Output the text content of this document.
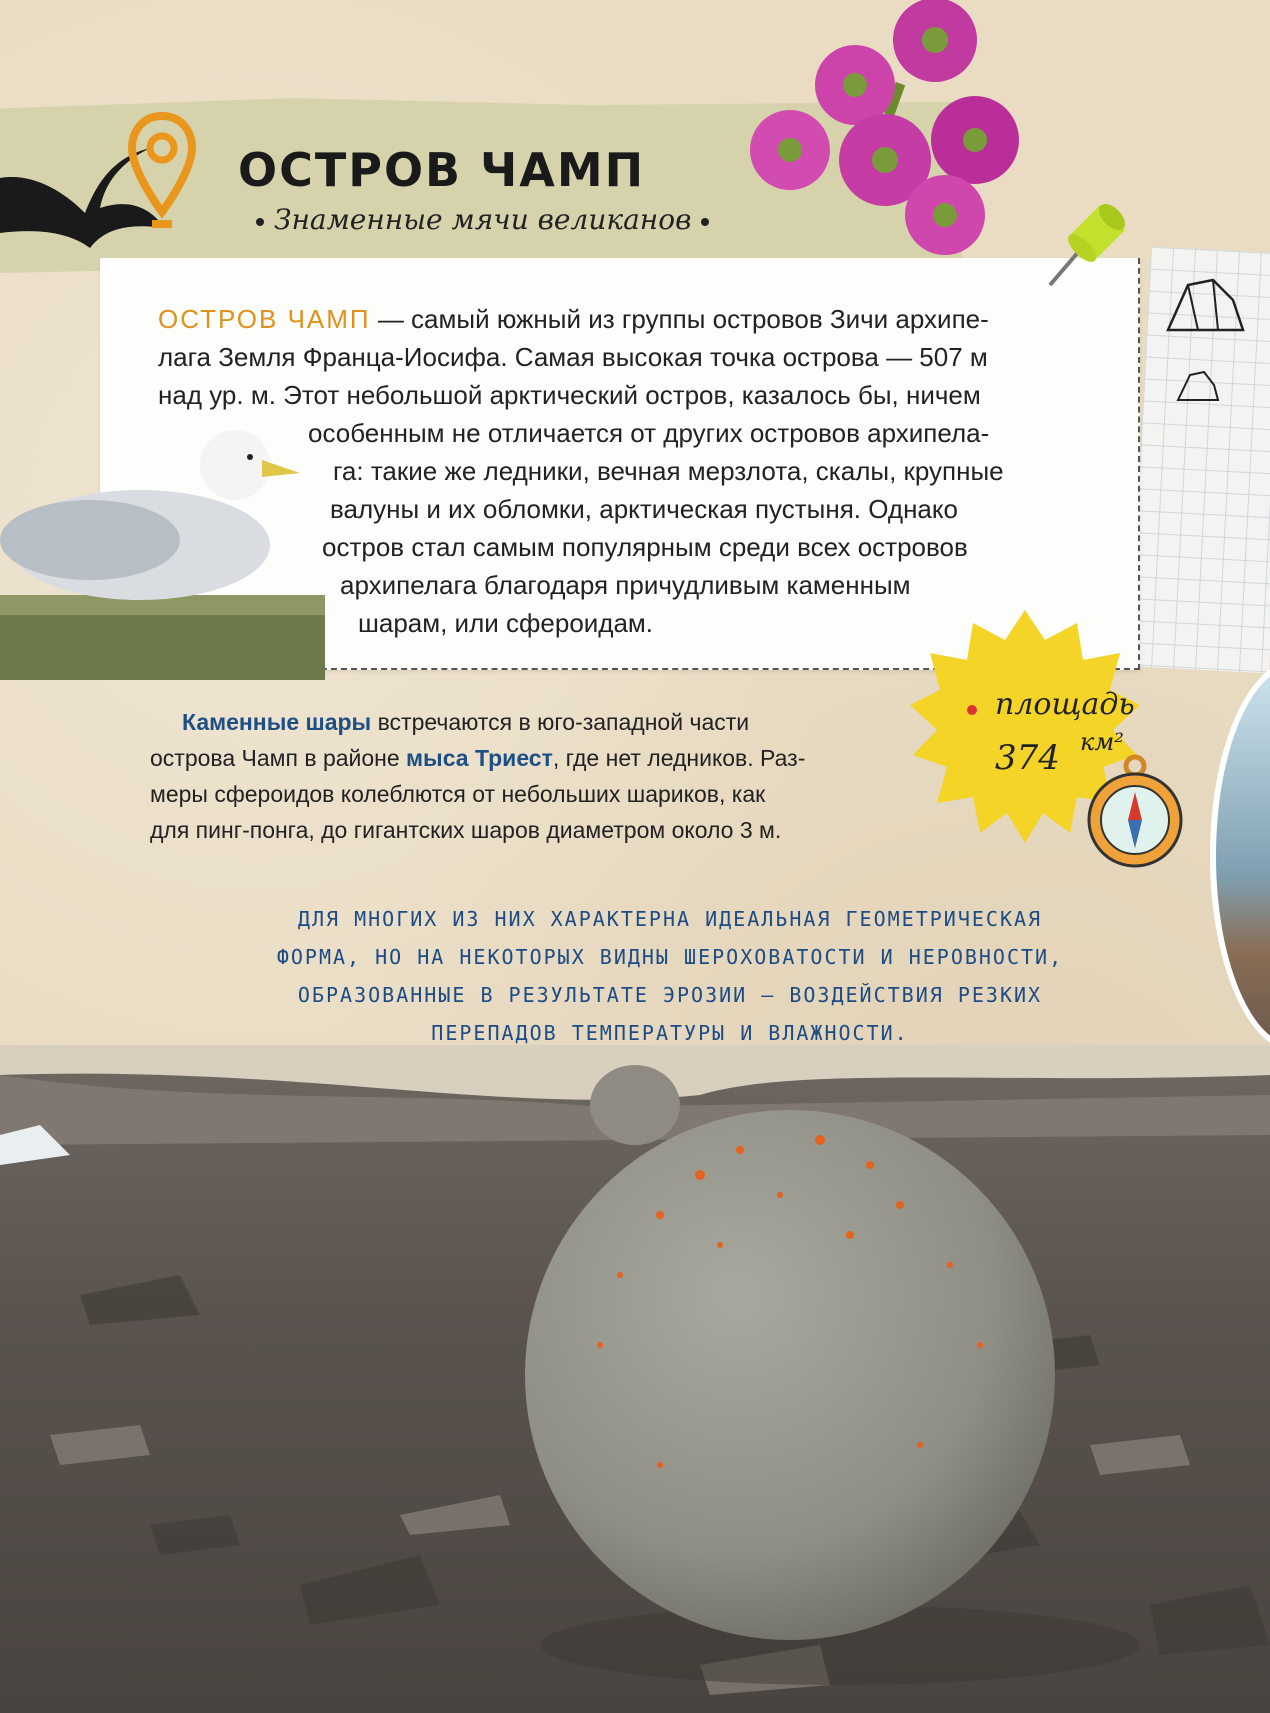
ОСТРОВ ЧАМП
Знаменные мячи великанов

ОСТРОВ ЧАМП — самый южный из группы островов Зичи архипе-
лага Земля Франца-Иосифа. Самая высокая точка острова — 507 м
над ур. м. Этот небольшой арктический остров, казалось бы, ничем
особенным не отличается от других островов архипела-
га: такие же ледники, вечная мерзлота, скалы, крупные
валуны и их обломки, арктическая пустыня. Однако
остров стал самым популярным среди всех островов
архипелага благодаря причудливым каменным
шарам, или сфероидам.

площадь
374 км²

Каменные шары встречаются в юго-западной части
острова Чамп в районе мыса Триест, где нет ледников. Раз-
меры сфероидов колеблются от небольших шариков, как
для пинг-понга, до гигантских шаров диаметром около 3 м.

ДЛЯ МНОГИХ ИЗ НИХ ХАРАКТЕРНА ИДЕАЛЬНАЯ ГЕОМЕТРИЧЕСКАЯ
ФОРМА, НО НА НЕКОТОРЫХ ВИДНЫ ШЕРОХОВАТОСТИ И НЕРОВНОСТИ,
ОБРАЗОВАННЫЕ В РЕЗУЛЬТАТЕ ЭРОЗИИ — ВОЗДЕЙСТВИЯ РЕЗКИХ
ПЕРЕПАДОВ ТЕМПЕРАТУРЫ И ВЛАЖНОСТИ.
